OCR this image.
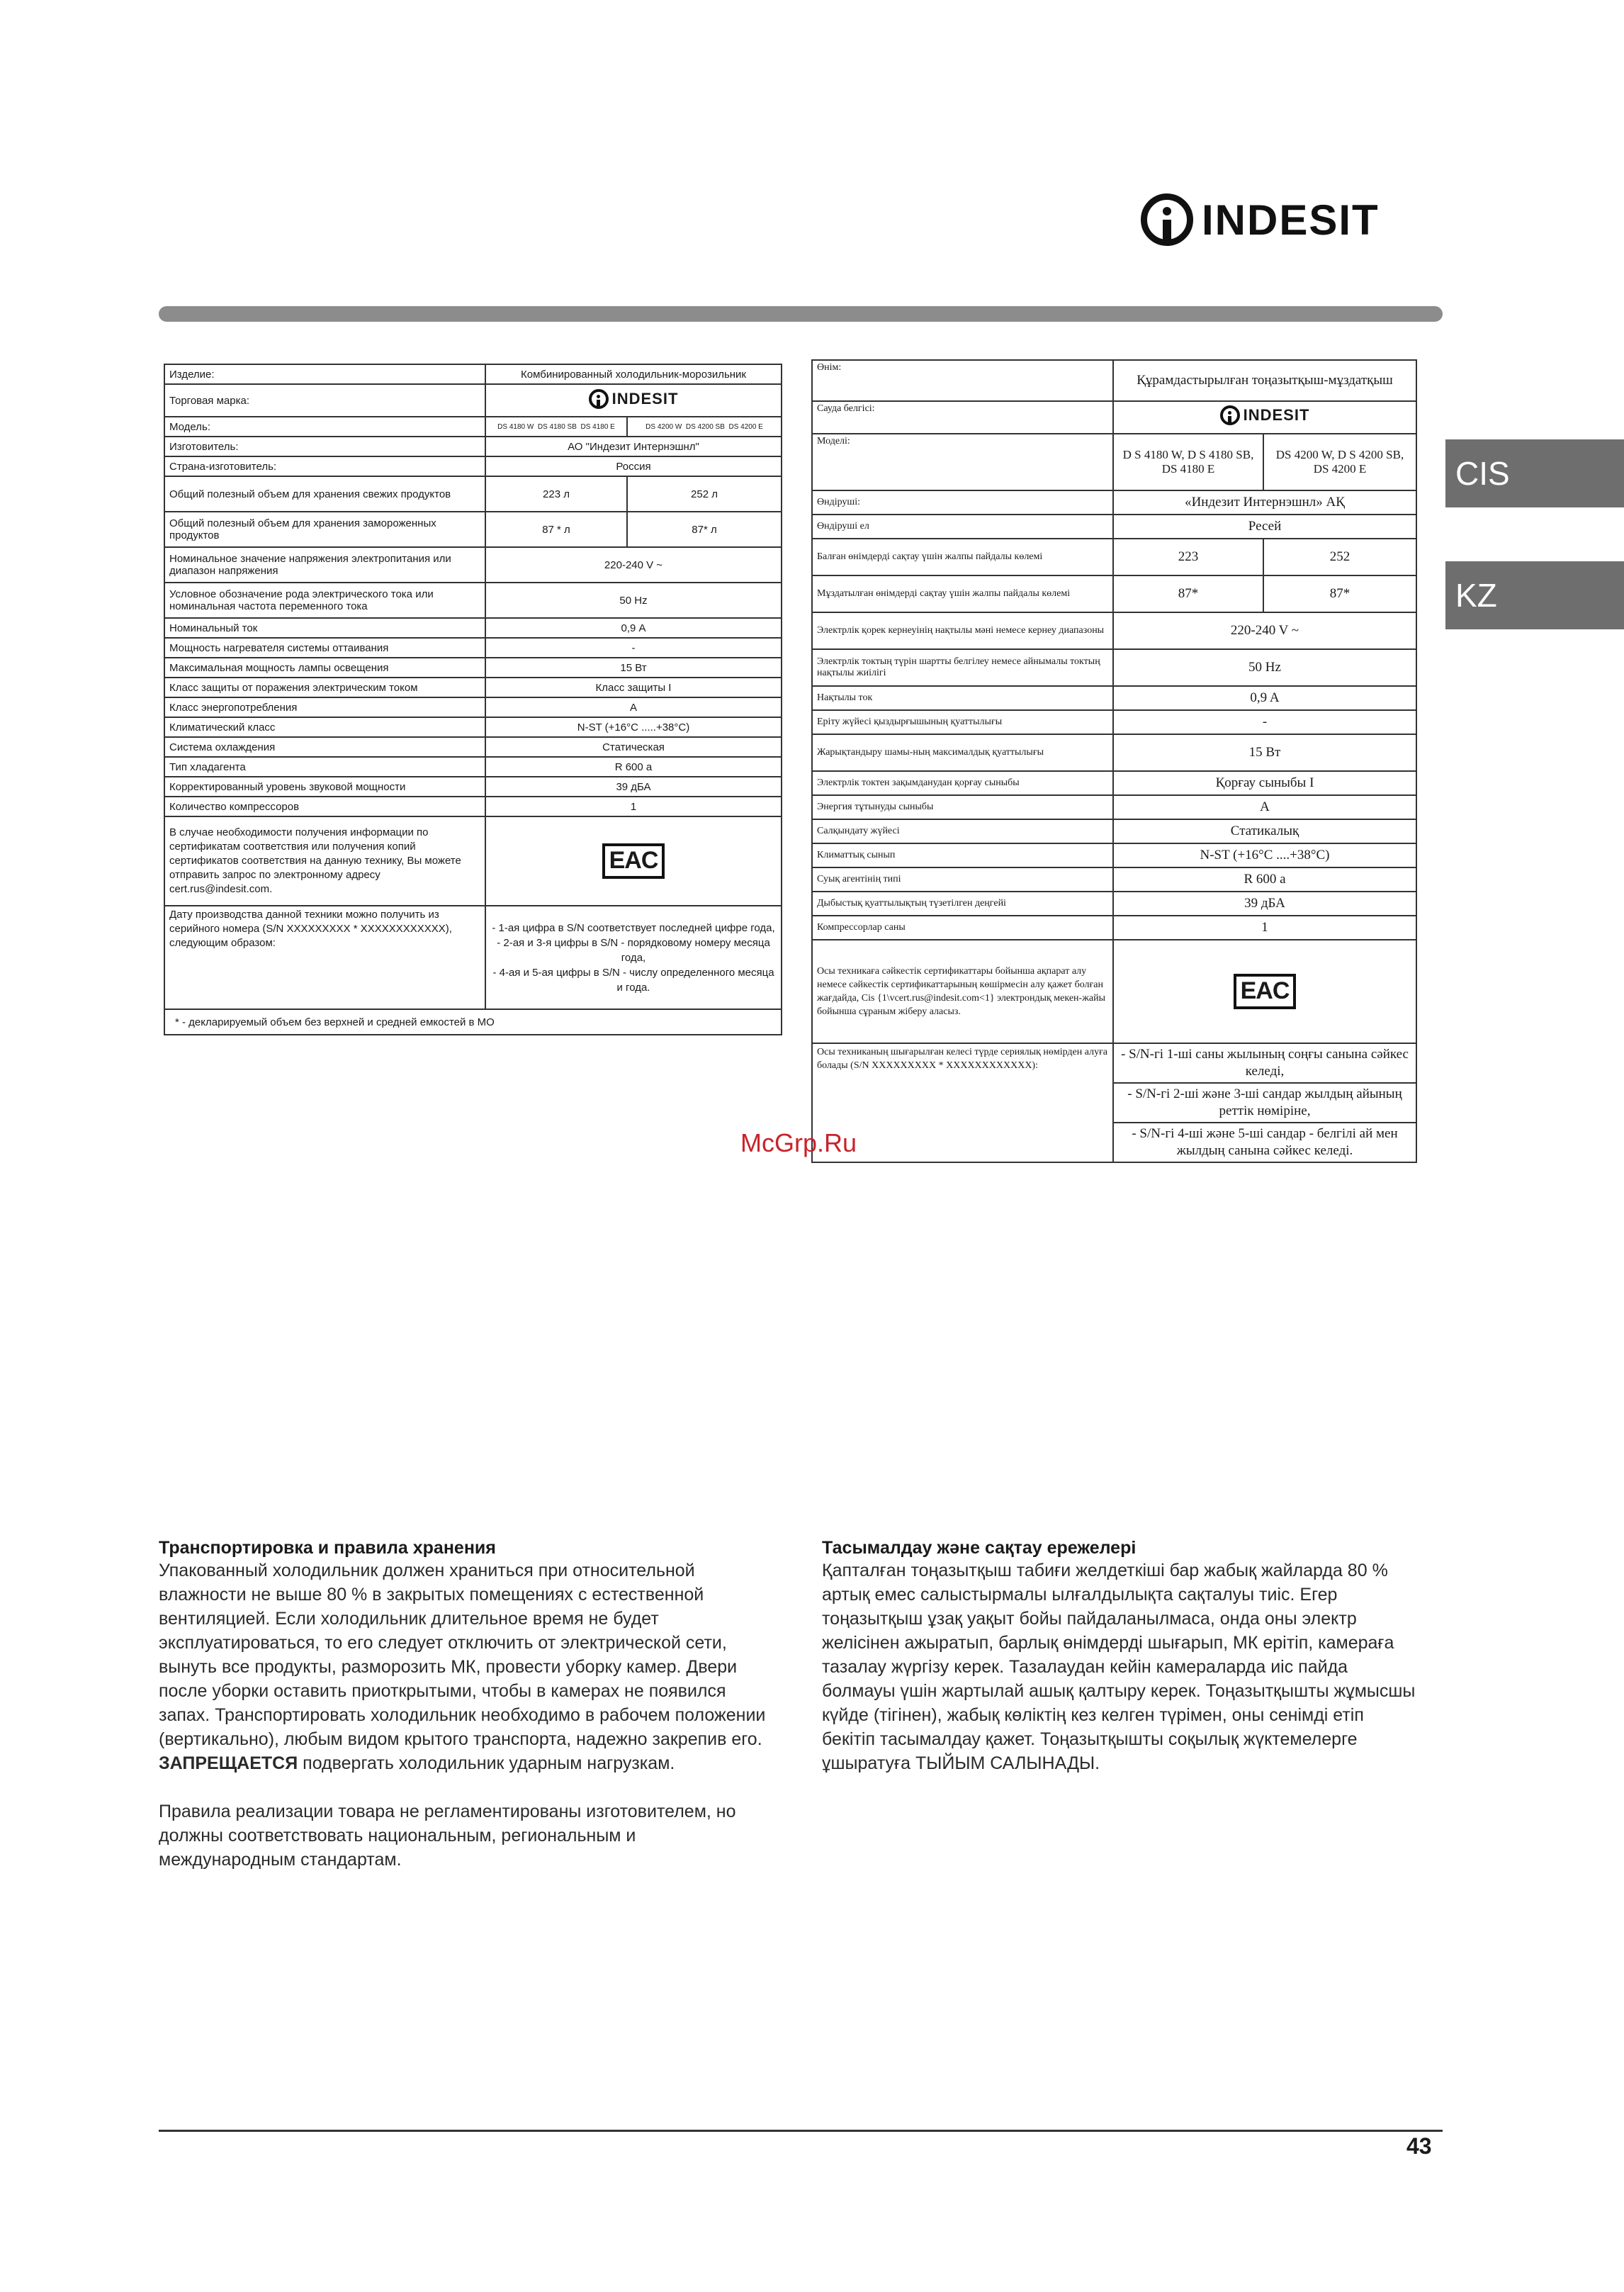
INDESIT
CIS
KZ
Изделие:	Комбинированный холодильник-морозильник	
Торговая марка:	INDESIT	

Модель:	DS 4180 W DS 4180 SB DS 4180 E	DS 4200 W DS 4200 SB DS 4200 E
Изготовитель:	АО "Индезит Интернэшнл"	
Страна-изготовитель:	Россия	
Общий полезный объем для хранения свежих продуктов	223 л	252 л
Общий полезный объем для хранения замороженных продуктов	87 * л	87* л
Номинальное значение напряжения электропитания или диапазон напряжения	220-240 V ~	
Условное обозначение рода электрического тока или номинальная частота переменного тока	50 Hz	
Номинальный ток	0,9 А	
Мощность нагревателя системы оттаивания	-	
Максимальная мощность лампы освещения	15 Вт	
Класс защиты от поражения электрическим током	Класс защиты I	
Класс энергопотребления	A	
Климатический класс	N-ST (+16°C .....+38°C)	
Система охлаждения	Статическая	
Тип хладагента	R 600 a	
Корректированный уровень звуковой мощности	39 дБА	
Количество компрессоров	1	
В случае необходимости получения информации по сертификатам соответствия или получения копий сертификатов соответствия на данную технику, Вы можете отправить запрос по электронному адресу cert.rus@indesit.com.	EAC	
Дату производства данной техники можно получить из серийного номера (S/N XXXXXXXXX * XXXXXXXXXXXX), следующим образом:	- 1-ая цифра в S/N соответствует последней цифре года,
- 2-ая и 3-я цифры в S/N - порядковому номеру месяца года,
- 4-ая и 5-ая цифры в S/N - числу определенного месяца и года.	

* - декларируемый объем без верхней и средней емкостей в МО		
Өнім:	Құрамдастырылған тоңазытқыш-мұздатқыш	
Сауда белгісі:	INDESIT	

Моделі:	D S 4180 W, D S 4180 SB, DS 4180 E	DS 4200 W, D S 4200 SB, DS 4200 E
Өндіруші:	«Индезит Интернэшнл» АҚ	
Өндіруші ел	Ресей	
Балған өнімдерді сақтау үшін жалпы пайдалы көлемі	223	252
Мұздатылған өнімдерді сақтау үшін жалпы пайдалы көлемі	87*	87*
Электрлік қорек кернеуінің нақтылы мәні немесе кернеу диапазоны	220-240 V ~	
Электрлік токтың түрін шартты белгілеу немесе айнымалы токтың нақтылы жиілігі	50 Hz	
Нақтылы ток	0,9 A	
Еріту жүйесі қыздырғышының қуаттылығы	-	
Жарықтандыру шамы-ның максималдық қуаттылығы	15 Вт	
Электрлік токтен зақымданудан қорғау сыныбы	Қорғау сыныбы I	
Энергия тұтынуды сыныбы	A	
Салқындату жүйесі	Статикалық	
Климаттық сынып	N-ST (+16°C ....+38°C)	
Суық агентінің типі	R 600 a	
Дыбыстық қуаттылықтың түзетілген деңгейі	39 дБА	
Компрессорлар саны	1	
Осы техникаға сәйкестік сертификаттары бойынша ақпарат алу немесе сәйкестік сертификаттарының көшірмесін алу қажет болған жағдайда, Cis {1\vcert.rus@indesit.com<1} электрондық мекен-жайы бойынша сұраным жіберу аласыз.	EAC	
Осы техниканың шығарылған келесі түрде сериялық нөмірден алуға болады (S/N XXXXXXXXX * XXXXXXXXXXXX):	- S/N-гі 1-ші саны жылының соңғы санына сәйкес келеді,	
	- S/N-гі 2-ші және 3-ші сандар жылдың айының реттік нөміріне,	
	- S/N-гі 4-ші және 5-ші сандар - белгілі ай мен жылдың санына сәйкес келеді.	
McGrp.Ru
Транспортировка и правила хранения

Упакованный холодильник должен храниться при относительной влажности не выше 80 % в закрытых помещениях с естественной вентиляцией. Если холодильник длительное время не будет эксплуатироваться, то его следует отключить от электрической сети, вынуть все продукты, разморозить МК, провести уборку камер. Двери после уборки оставить приоткрытыми, чтобы в камерах не появился запах. Транспортировать холодильник необходимо в рабочем положении (вертикально), любым видом крытого транспорта, надежно закрепив его. ЗАПРЕЩАЕТСЯ подвергать холодильник ударным нагрузкам.

Правила реализации товара не регламентированы изготовителем, но должны соответствовать национальным, региональным и международным стандартам.

Тасымалдау және сақтау ережелері

Қапталған тоңазытқыш табиғи желдеткіші бар жабық жайларда 80 % артық емес салыстырмалы ылғалдылықта сақталуы тиіс. Егер тоңазытқыш ұзақ уақыт бойы пайдаланылмаса, онда оны электр желісінен ажыратып, барлық өнімдерді шығарып, МК ерітіп, камераға тазалау жүргізу керек. Тазалаудан кейін камераларда иіс пайда болмауы үшін жартылай ашық қалтыру керек. Тоңазытқышты жұмысшы күйде (тігінен), жабық көліктің кез келген түрімен, оны сенімді етіп бекітіп тасымалдау қажет. Тоңазытқышты соқылық жүктемелерге ұшыратуға ТЫЙЫМ САЛЫНАДЫ.

43
